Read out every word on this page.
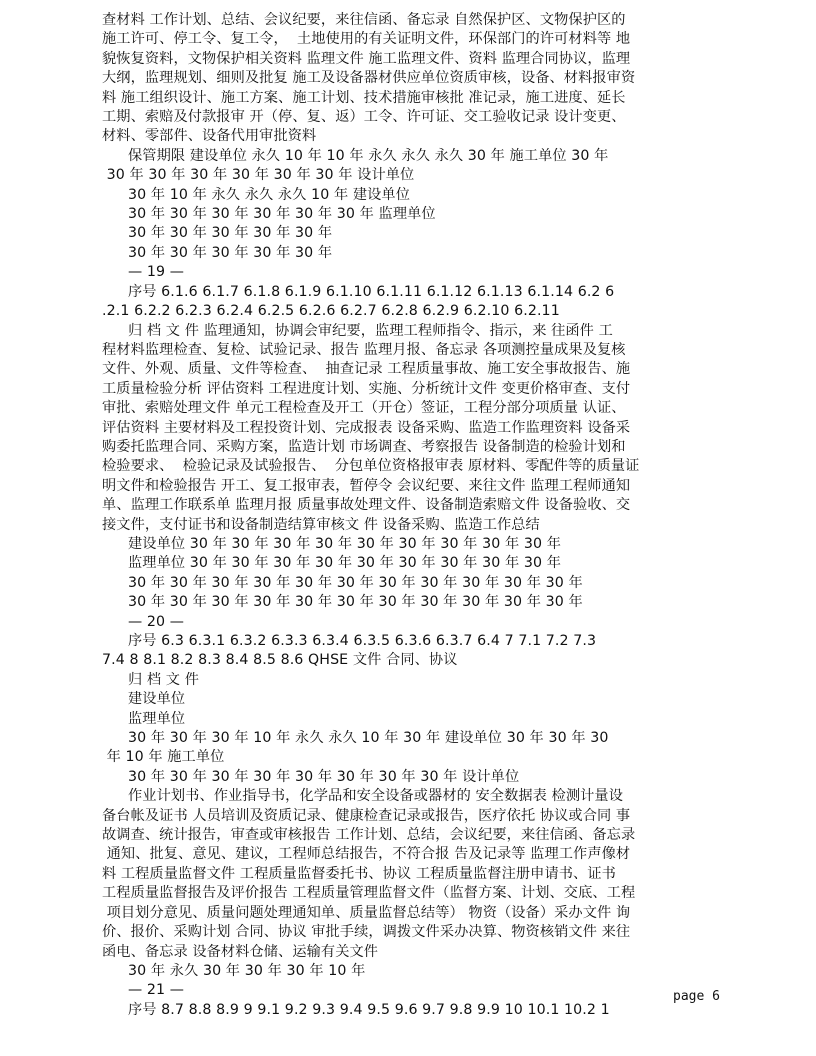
查材料 工作计划、总结、会议纪要，来往信函、备忘录 自然保护区、文物保护区的

施工许可、停工令、复工令，  土地使用的有关证明文件，环保部门的许可材料等 地

貌恢复资料，文物保护相关资料 监理文件 施工监理文件、资料 监理合同协议，监理

大纲，监理规划、细则及批复 施工及设备器材供应单位资质审核，设备、材料报审资

料 施工组织设计、施工方案、施工计划、技术措施审核批 准记录，施工进度、延长

工期、索赔及付款报审 开（停、复、返）工令、许可证、交工验收记录 设计变更、

材料、零部件、设备代用审批资料

保管期限 建设单位 永久 10 年 10 年 永久 永久 永久 30 年 施工单位 30 年

30 年 30 年 30 年 30 年 30 年 30 年 设计单位

30 年 10 年 永久 永久 永久 10 年 建设单位

30 年 30 年 30 年 30 年 30 年 30 年 监理单位

30 年 30 年 30 年 30 年 30 年

30 年 30 年 30 年 30 年 30 年

— 19 —

序号 6.1.6 6.1.7 6.1.8 6.1.9 6.1.10 6.1.11 6.1.12 6.1.13 6.1.14 6.2 6

.2.1 6.2.2 6.2.3 6.2.4 6.2.5 6.2.6 6.2.7 6.2.8 6.2.9 6.2.10 6.2.11

归 档 文 件 监理通知，协调会审纪要，监理工程师指令、指示，来 往函件 工

程材料监理检查、复检、试验记录、报告 监理月报、备忘录 各项测控量成果及复核

文件、外观、质量、文件等检查、  抽查记录 工程质量事故、施工安全事故报告、施

工质量检验分析 评估资料 工程进度计划、实施、分析统计文件 变更价格审查、支付

审批、索赔处理文件 单元工程检查及开工（开仓）签证，工程分部分项质量 认证、

评估资料 主要材料及工程投资计划、完成报表 设备采购、监造工作监理资料 设备采

购委托监理合同、采购方案，监造计划 市场调查、考察报告 设备制造的检验计划和

检验要求、  检验记录及试验报告、  分包单位资格报审表 原材料、零配件等的质量证

明文件和检验报告 开工、复工报审表，暂停令 会议纪要、来往文件 监理工程师通知

单、监理工作联系单 监理月报 质量事故处理文件、设备制造索赔文件 设备验收、交

接文件，支付证书和设备制造结算审核文 件 设备采购、监造工作总结

建设单位 30 年 30 年 30 年 30 年 30 年 30 年 30 年 30 年 30 年

监理单位 30 年 30 年 30 年 30 年 30 年 30 年 30 年 30 年 30 年

30 年 30 年 30 年 30 年 30 年 30 年 30 年 30 年 30 年 30 年 30 年

30 年 30 年 30 年 30 年 30 年 30 年 30 年 30 年 30 年 30 年 30 年

— 20 —

序号 6.3 6.3.1 6.3.2 6.3.3 6.3.4 6.3.5 6.3.6 6.3.7 6.4 7 7.1 7.2 7.3

7.4 8 8.1 8.2 8.3 8.4 8.5 8.6 QHSE 文件 合同、协议

归 档 文 件

建设单位

监理单位

30 年 30 年 30 年 10 年 永久 永久 10 年 30 年 建设单位 30 年 30 年 30

年 10 年 施工单位

30 年 30 年 30 年 30 年 30 年 30 年 30 年 30 年 设计单位

作业计划书、作业指导书，化学品和安全设备或器材的 安全数据表 检测计量设

备台帐及证书 人员培训及资质记录、健康检查记录或报告，医疗依托 协议或合同 事

故调查、统计报告，审查或审核报告 工作计划、总结，会议纪要，来往信函、备忘录

通知、批复、意见、建议，工程师总结报告，不符合报 告及记录等 监理工作声像材

料 工程质量监督文件 工程质量监督委托书、协议 工程质量监督注册申请书、证书

工程质量监督报告及评价报告 工程质量管理监督文件（监督方案、计划、交底、工程

项目划分意见、质量问题处理通知单、质量监督总结等） 物资（设备）采办文件 询

价、报价、采购计划 合同、协议 审批手续，调拨文件采办决算、物资核销文件 来往

函电、备忘录 设备材料仓储、运输有关文件

30 年 永久 30 年 30 年 30 年 10 年

— 21 —

序号 8.7 8.8 8.9 9 9.1 9.2 9.3 9.4 9.5 9.6 9.7 9.8 9.9 10 10.1 10.2 1

page 6
